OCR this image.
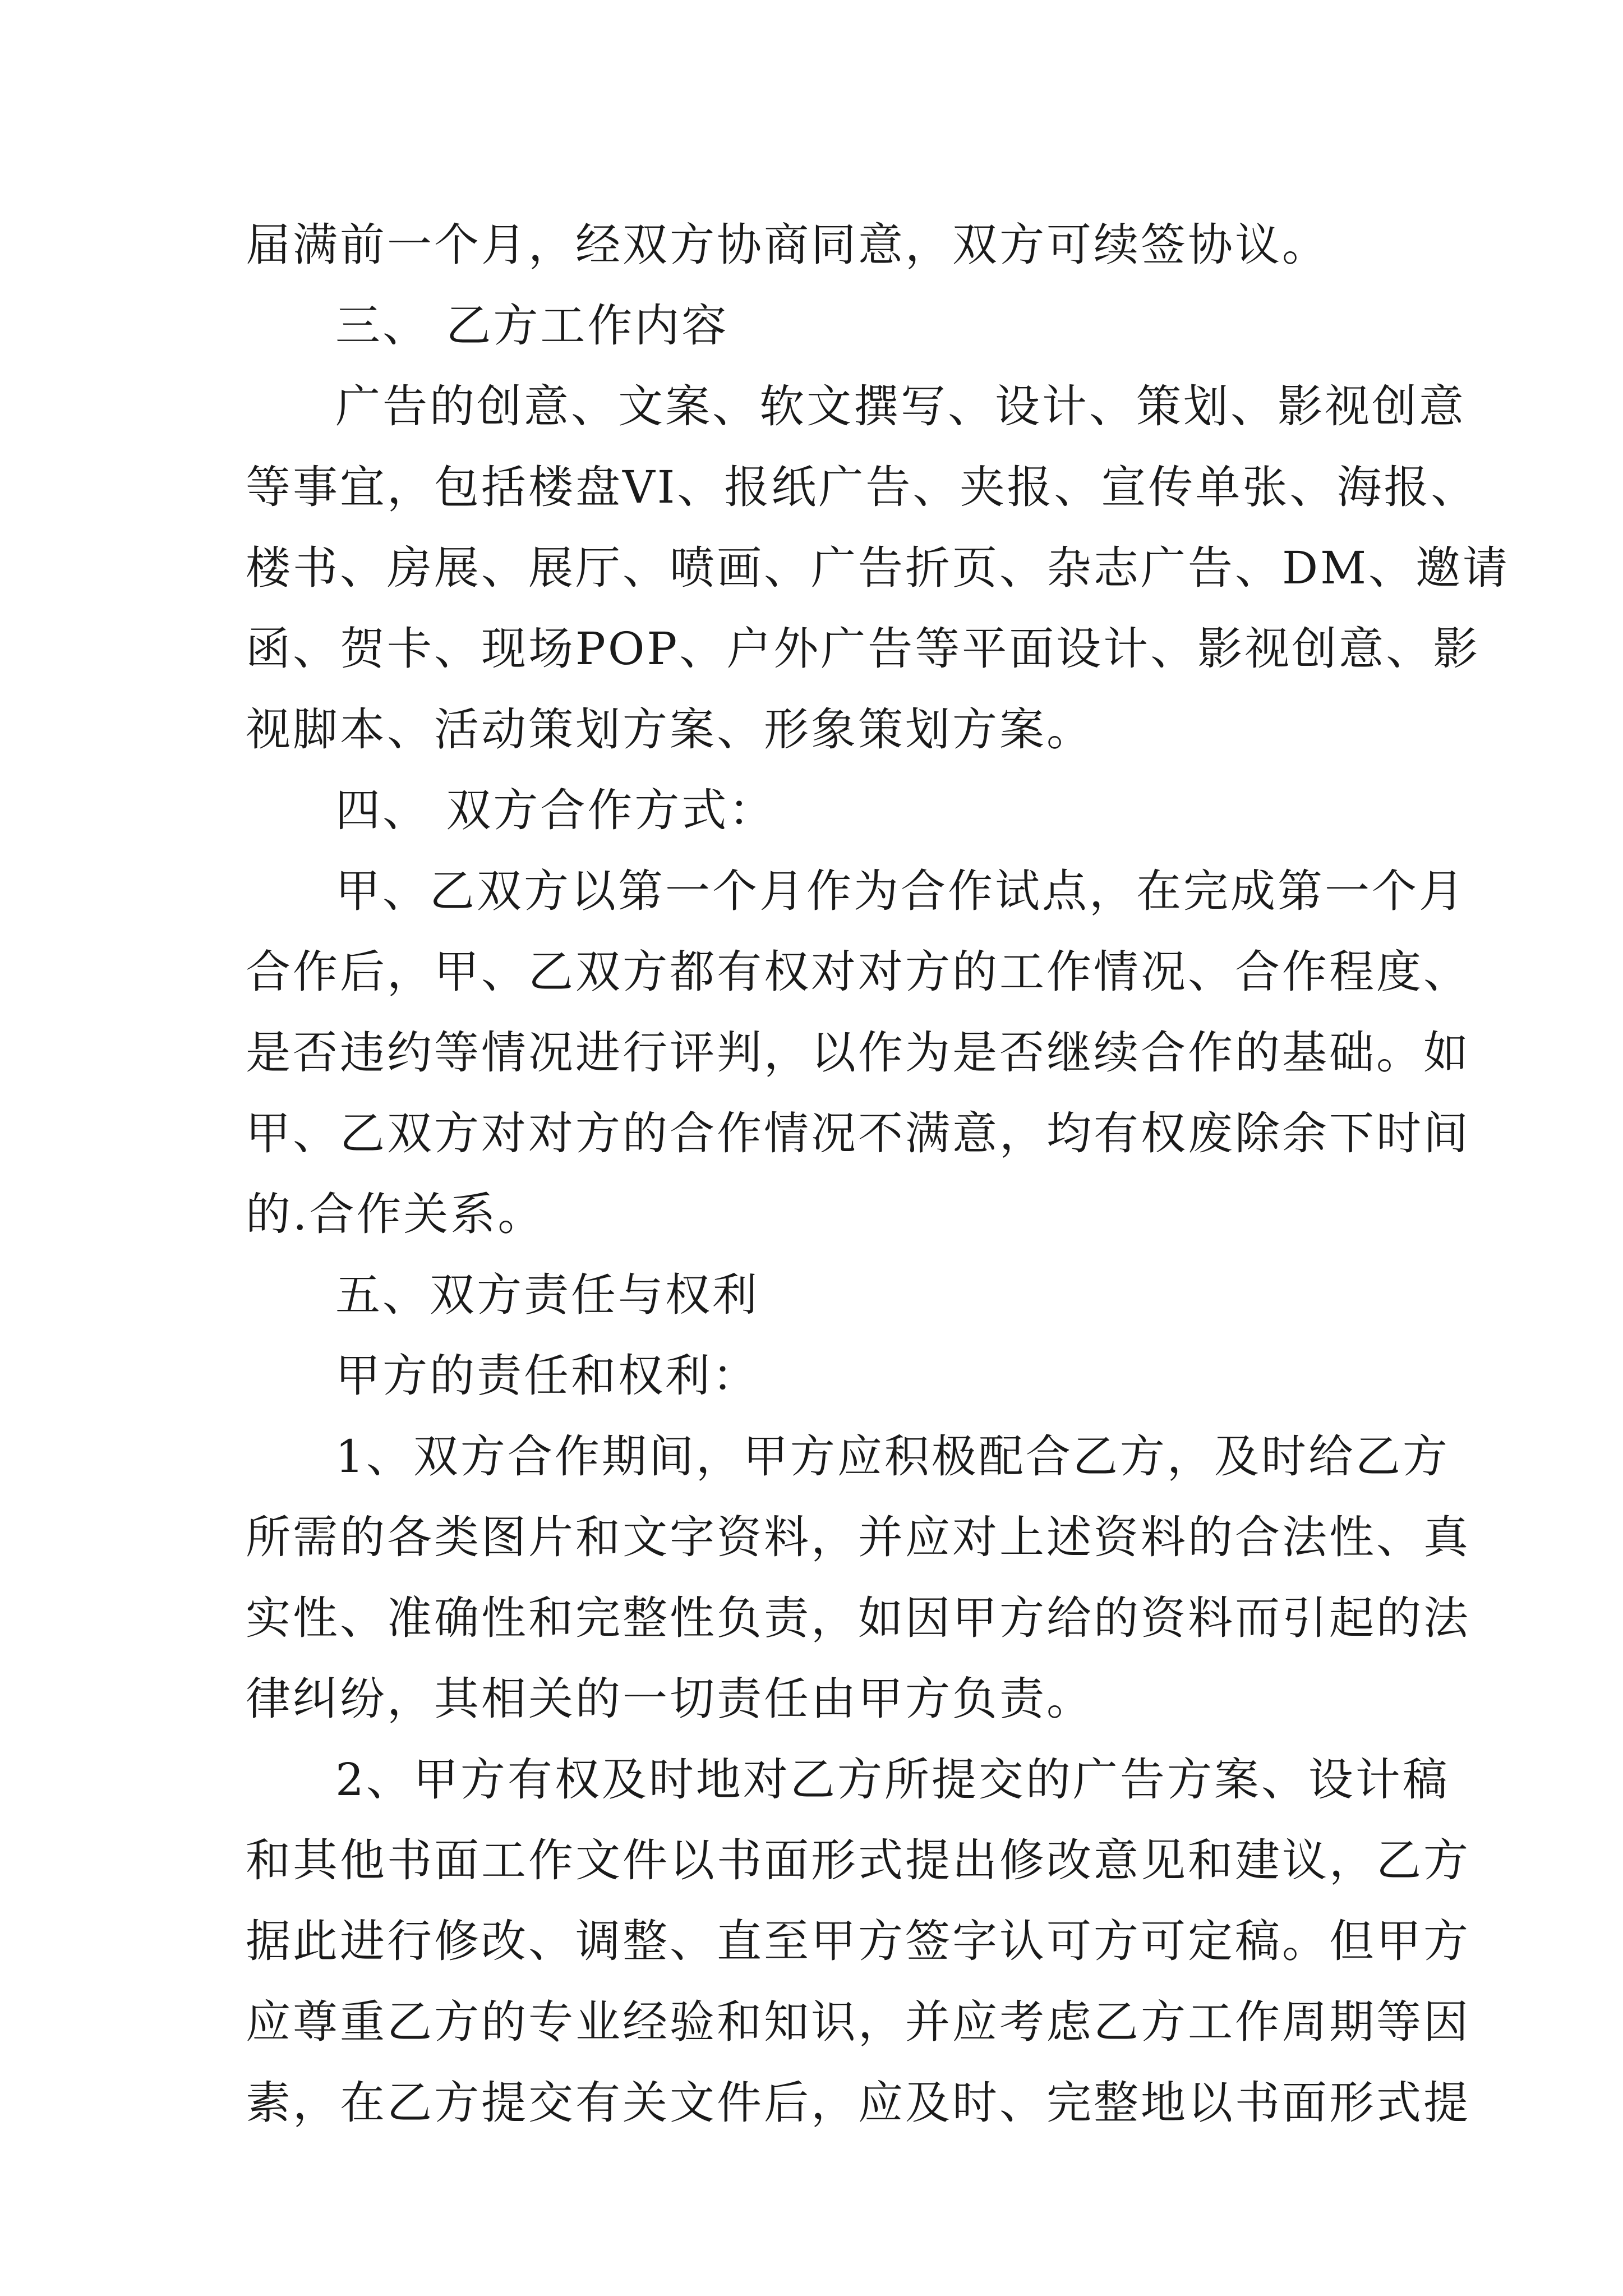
届满前一个月，经双方协商同意，双方可续签协议。
三、 乙方工作内容
广告的创意、文案、软文撰写、设计、策划、影视创意
等事宜，包括楼盘VI、报纸广告、夹报、宣传单张、海报、
楼书、房展、展厅、喷画、广告折页、杂志广告、DM、邀请
函、贺卡、现场POP、户外广告等平面设计、影视创意、影
视脚本、活动策划方案、形象策划方案。
四、 双方合作方式：
甲、乙双方以第一个月作为合作试点，在完成第一个月
合作后，甲、乙双方都有权对对方的工作情况、合作程度、
是否违约等情况进行评判，以作为是否继续合作的基础。如
甲、乙双方对对方的合作情况不满意，均有权废除余下时间
的.合作关系。
五、双方责任与权利
甲方的责任和权利：
1、双方合作期间，甲方应积极配合乙方，及时给乙方
所需的各类图片和文字资料，并应对上述资料的合法性、真
实性、准确性和完整性负责，如因甲方给的资料而引起的法
律纠纷，其相关的一切责任由甲方负责。
2、甲方有权及时地对乙方所提交的广告方案、设计稿
和其他书面工作文件以书面形式提出修改意见和建议，乙方
据此进行修改、调整、直至甲方签字认可方可定稿。但甲方
应尊重乙方的专业经验和知识，并应考虑乙方工作周期等因
素，在乙方提交有关文件后，应及时、完整地以书面形式提
